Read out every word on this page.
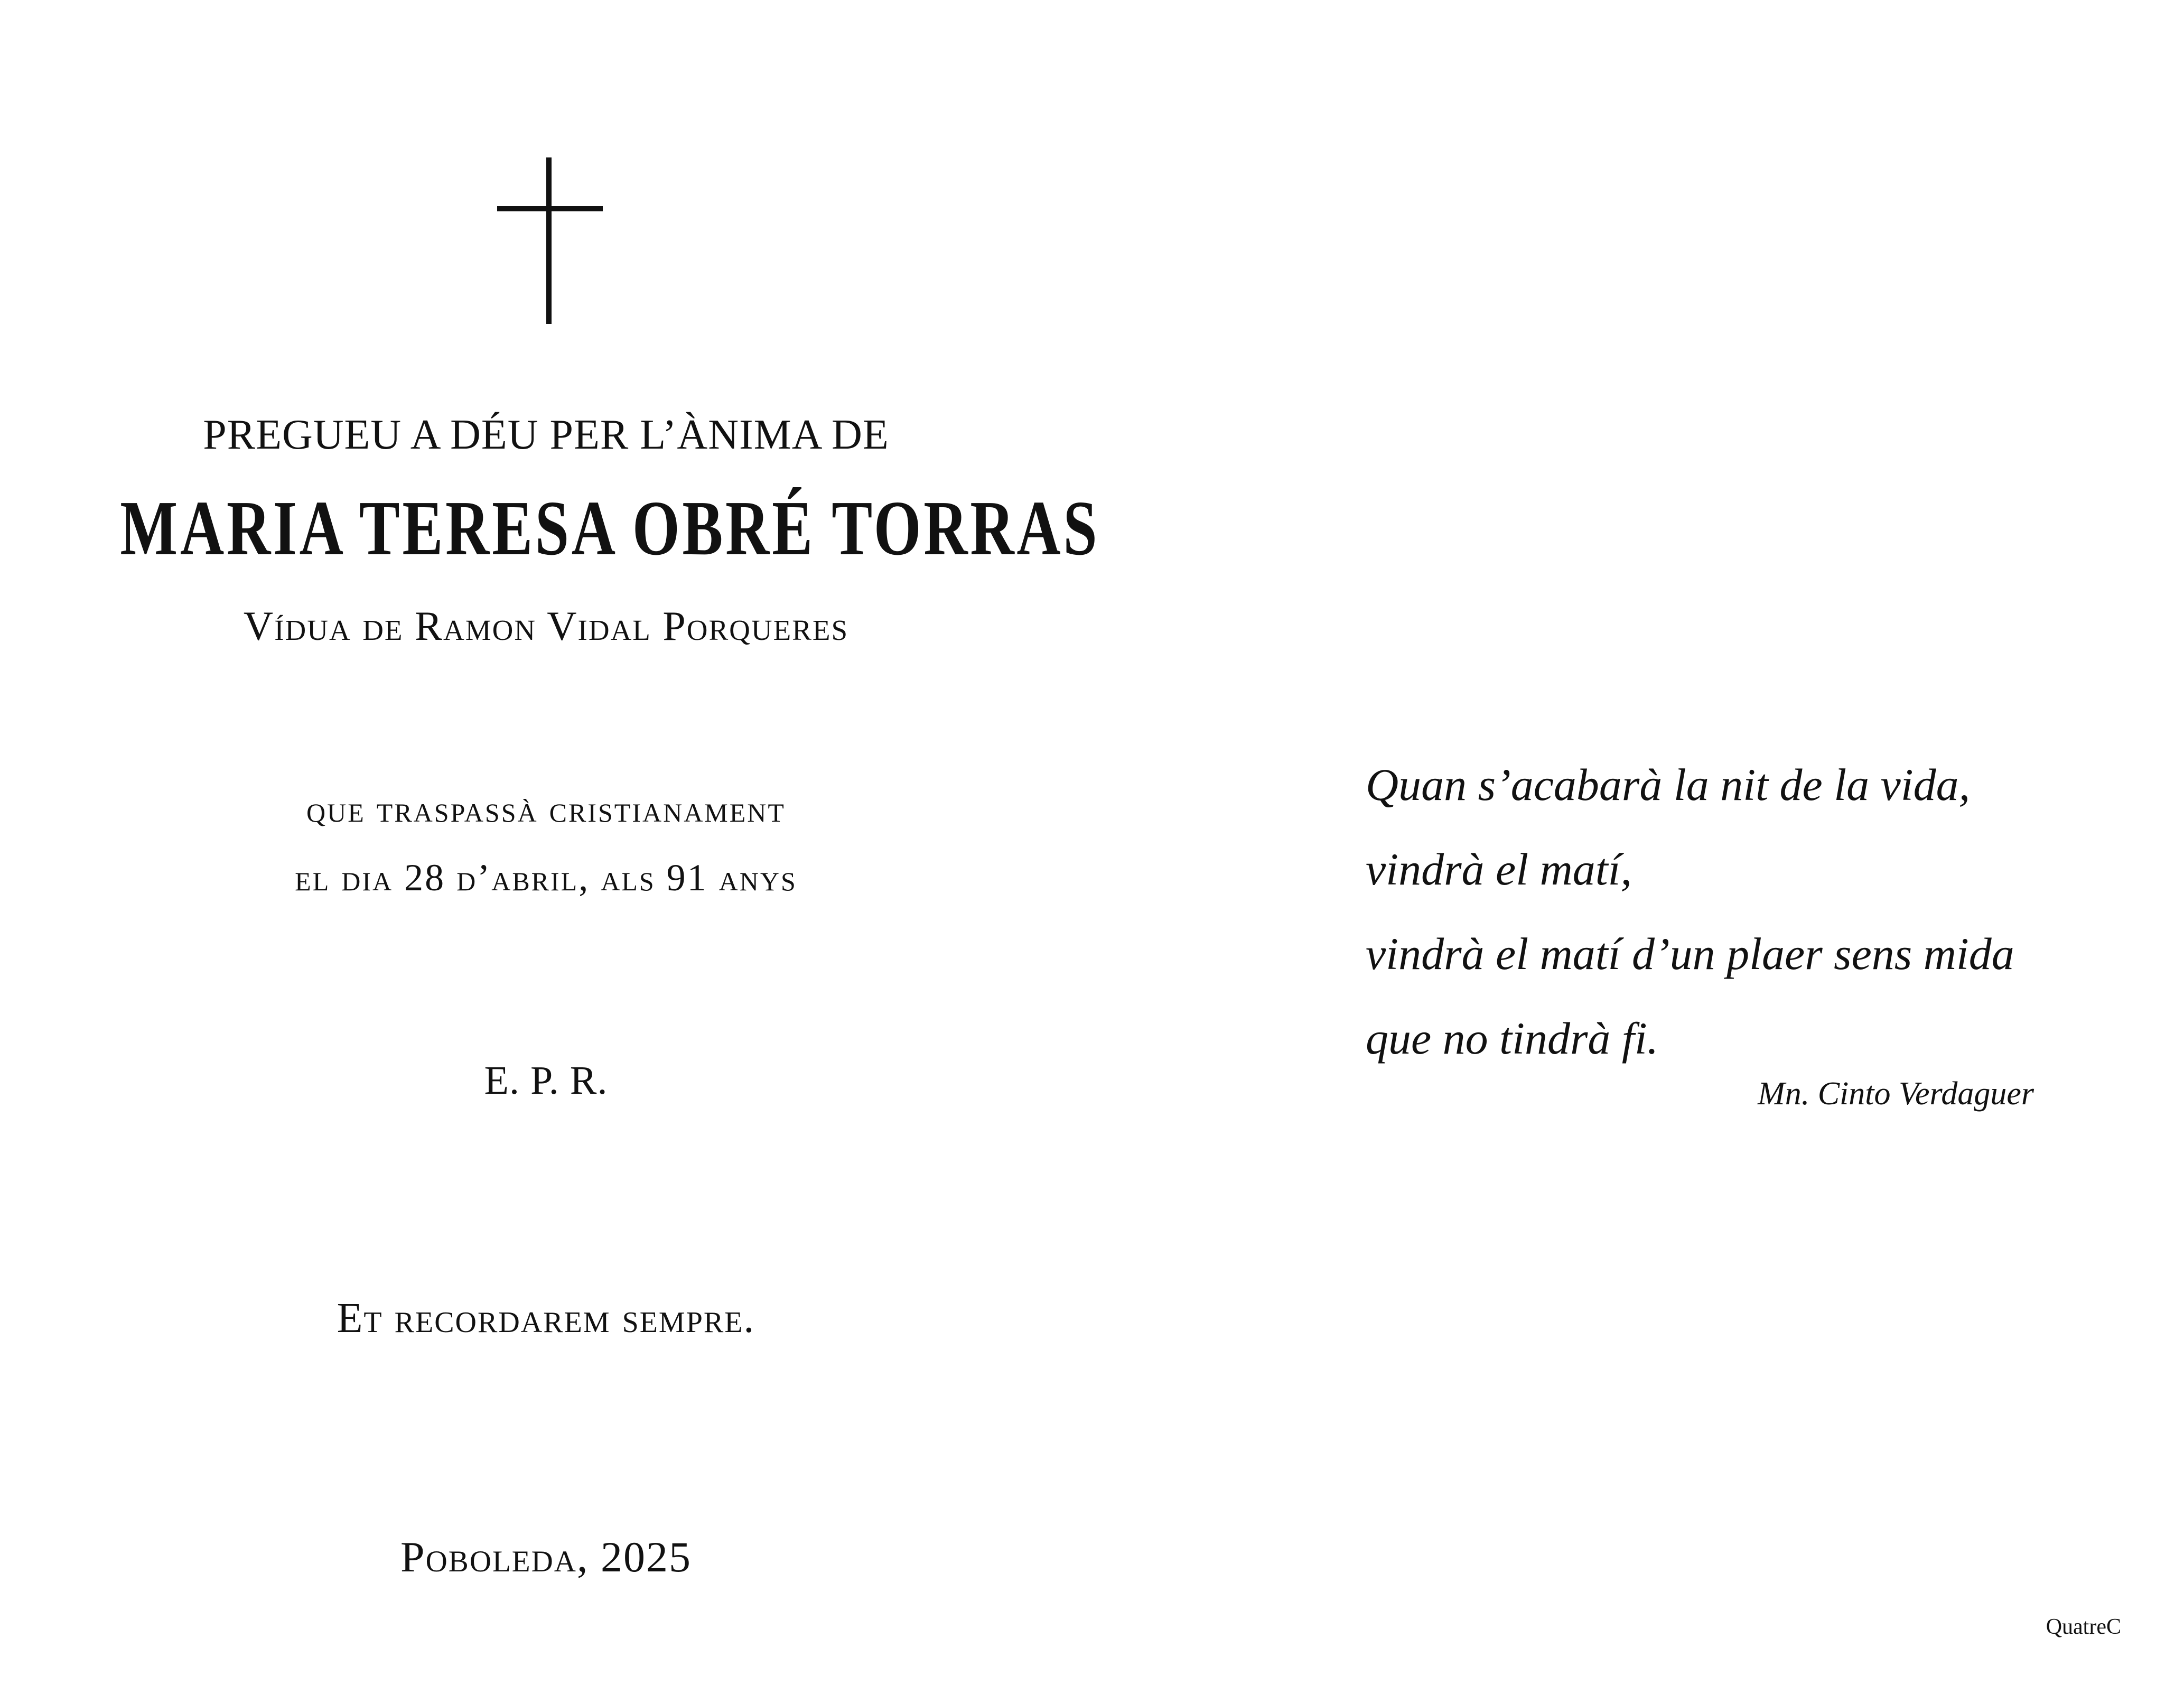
PREGUEU A DÉU PER L’ÀNIMA DE
MARIA TERESA OBRÉ TORRAS
Vídua de Ramon Vidal Porqueres
que traspassà cristianament
el dia 28 d’abril, als 91 anys
E. P. R.
Et recordarem sempre.
Poboleda, 2025
Quan s’acabarà la nit de la vida,
vindrà el matí,
vindrà el matí d’un plaer sens mida
que no tindrà fi.
Mn. Cinto Verdaguer
QuatreC
